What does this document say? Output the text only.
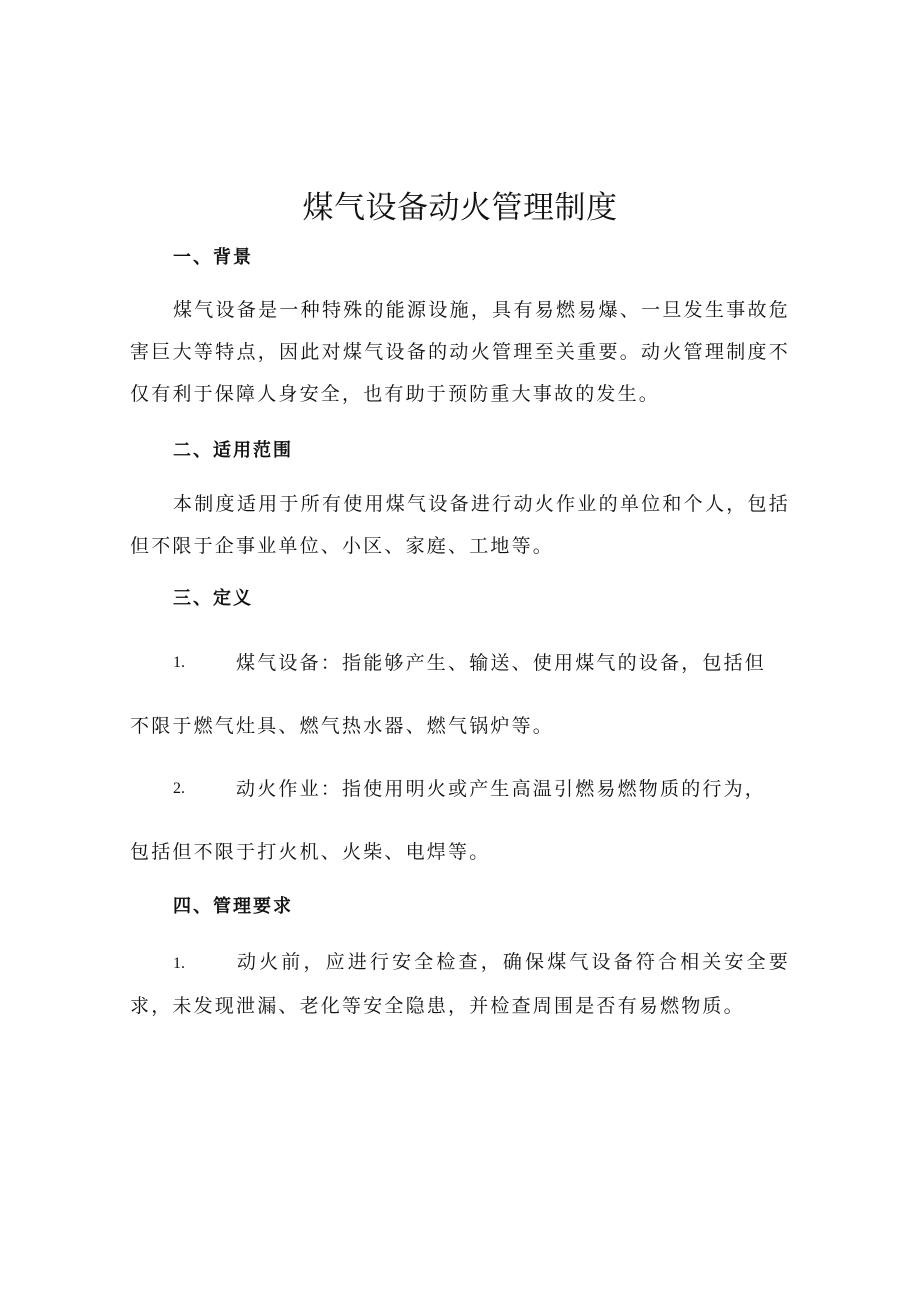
煤气设备动火管理制度
一、背景

煤气设备是一种特殊的能源设施，具有易燃易爆、一旦发生事故危害巨大等特点，因此对煤气设备的动火管理至关重要。动火管理制度不仅有利于保障人身安全，也有助于预防重大事故的发生。

二、适用范围

本制度适用于所有使用煤气设备进行动火作业的单位和个人，包括但不限于企事业单位、小区、家庭、工地等。

三、定义
1.	煤气设备：指能够产生、输送、使用煤气的设备，包括但
不限于燃气灶具、燃气热水器、燃气锅炉等。
2.	动火作业：指使用明火或产生高温引燃易燃物质的行为，
包括但不限于打火机、火柴、电焊等。
四、管理要求

1.	动火前，应进行安全检查，确保煤气设备符合相关安全要求，未发现泄漏、老化等安全隐患，并检查周围是否有易燃物质。
